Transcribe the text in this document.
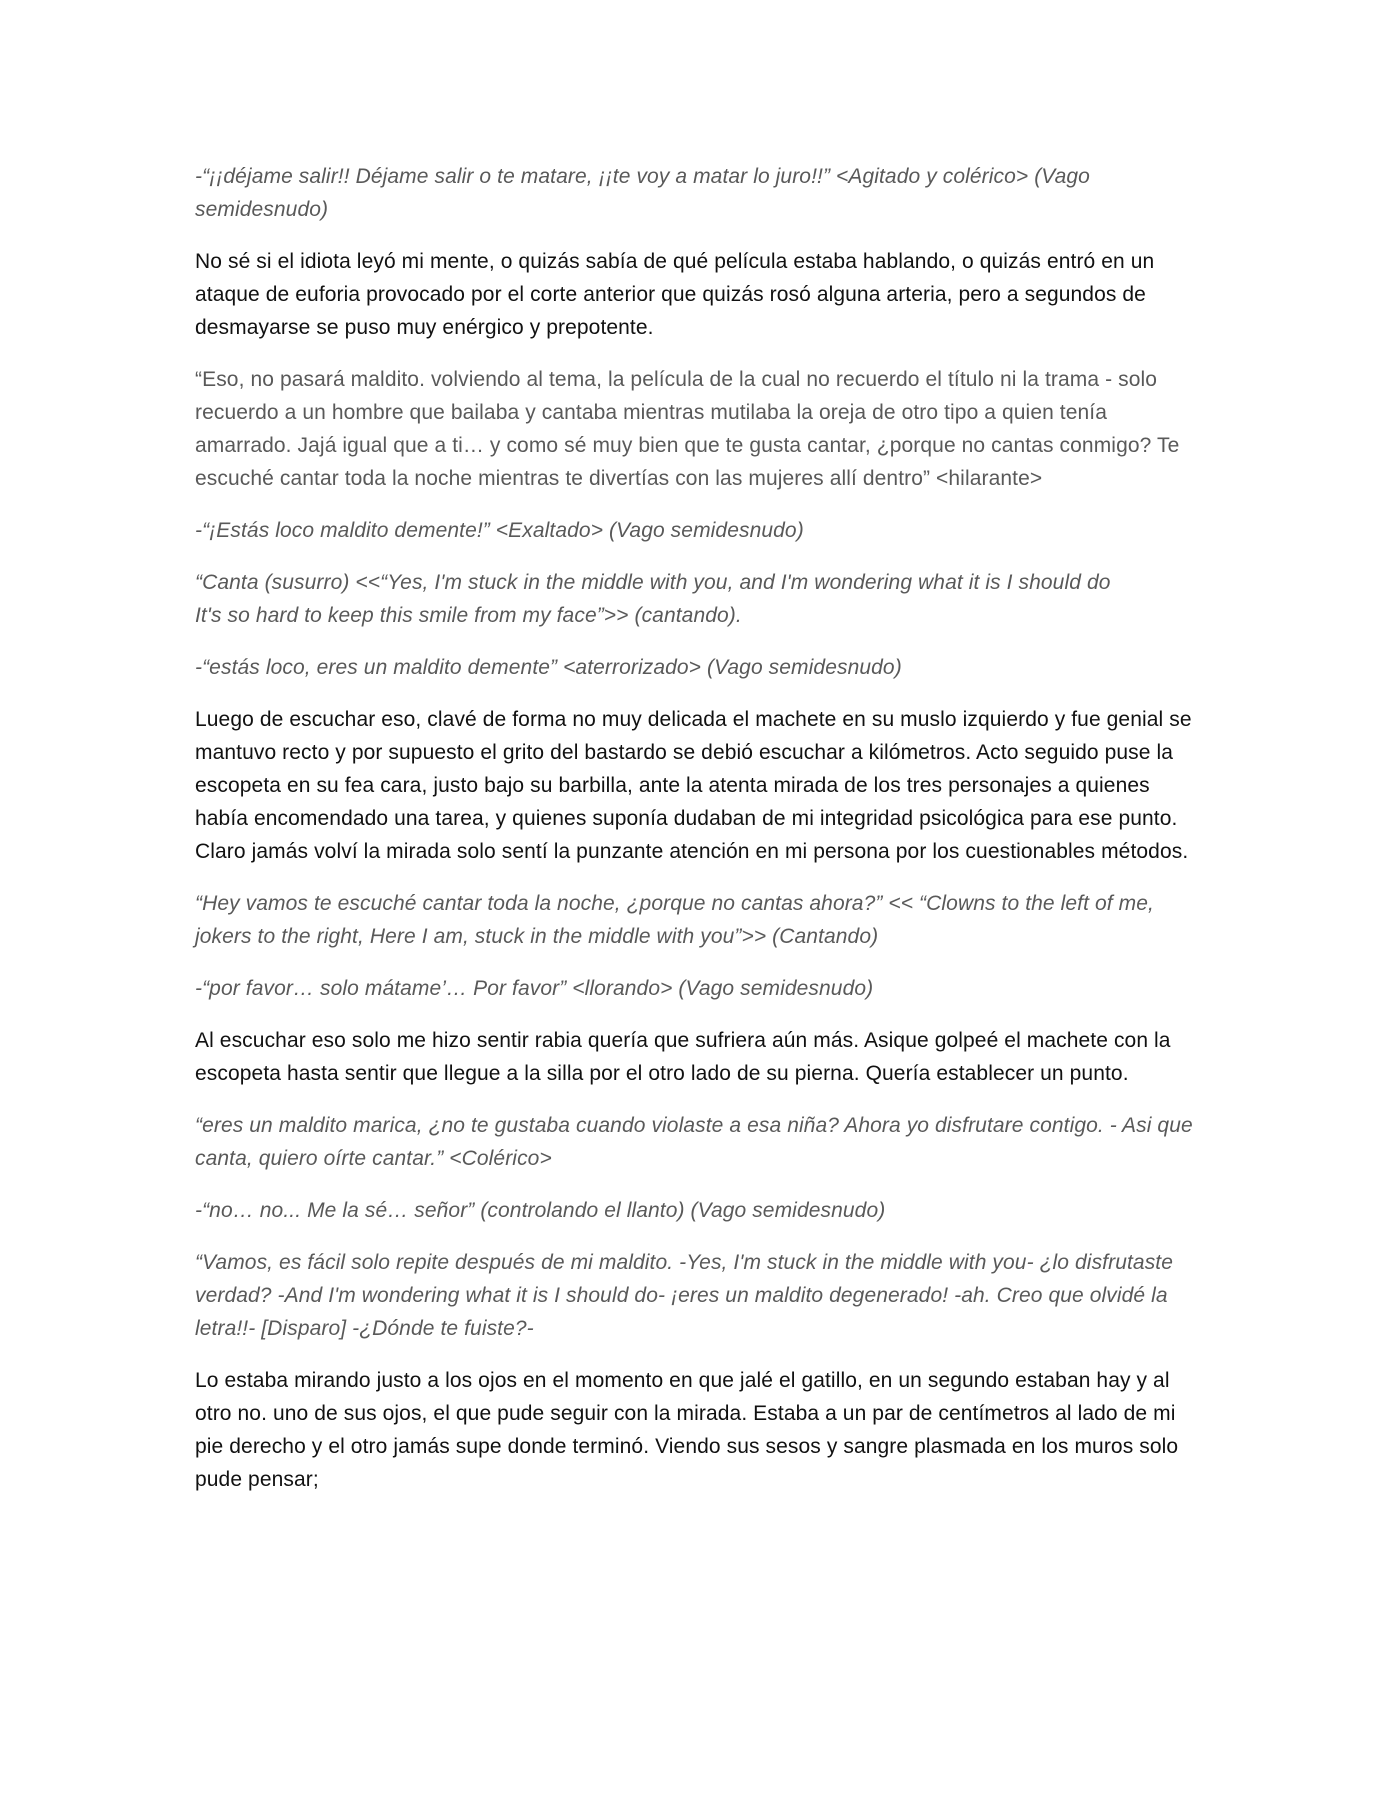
-“¡¡déjame salir!! Déjame salir o te matare, ¡¡te voy a matar lo juro!!” <Agitado y colérico> (Vago semidesnudo)

No sé si el idiota leyó mi mente, o quizás sabía de qué película estaba hablando, o quizás entró en un ataque de euforia provocado por el corte anterior que quizás rosó alguna arteria, pero a segundos de desmayarse se puso muy enérgico y prepotente.

“Eso, no pasará maldito. volviendo al tema, la película de la cual no recuerdo el título ni la trama - solo recuerdo a un hombre que bailaba y cantaba mientras mutilaba la oreja de otro tipo a quien tenía amarrado. Jajá igual que a ti… y como sé muy bien que te gusta cantar, ¿porque no cantas conmigo? Te escuché cantar toda la noche mientras te divertías con las mujeres allí dentro” <hilarante>

-“¡Estás loco maldito demente!” <Exaltado> (Vago semidesnudo)

“Canta (susurro) <<“Yes, I'm stuck in the middle with you, and I'm wondering what it is I should do
It's so hard to keep this smile from my face”>> (cantando).

-“estás loco, eres un maldito demente” <aterrorizado> (Vago semidesnudo)

Luego de escuchar eso, clavé de forma no muy delicada el machete en su muslo izquierdo y fue genial se mantuvo recto y por supuesto el grito del bastardo se debió escuchar a kilómetros. Acto seguido puse la escopeta en su fea cara, justo bajo su barbilla, ante la atenta mirada de los tres personajes a quienes había encomendado una tarea, y quienes suponía dudaban de mi integridad psicológica para ese punto. Claro jamás volví la mirada solo sentí la punzante atención en mi persona por los cuestionables métodos.

“Hey vamos te escuché cantar toda la noche, ¿porque no cantas ahora?” << “Clowns to the left of me, jokers to the right, Here I am, stuck in the middle with you”>> (Cantando)

-“por favor… solo mátame’… Por favor” <llorando> (Vago semidesnudo)

Al escuchar eso solo me hizo sentir rabia quería que sufriera aún más. Asique golpeé el machete con la escopeta hasta sentir que llegue a la silla por el otro lado de su pierna. Quería establecer un punto.

“eres un maldito marica, ¿no te gustaba cuando violaste a esa niña? Ahora yo disfrutare contigo. - Asi que canta, quiero oírte cantar.” <Colérico>

-“no… no... Me la sé… señor” (controlando el llanto) (Vago semidesnudo)

“Vamos, es fácil solo repite después de mi maldito. -Yes, I'm stuck in the middle with you- ¿lo disfrutaste verdad? -And I'm wondering what it is I should do- ¡eres un maldito degenerado! -ah. Creo que olvidé la letra!!- [Disparo] -¿Dónde te fuiste?-

Lo estaba mirando justo a los ojos en el momento en que jalé el gatillo, en un segundo estaban hay y al otro no. uno de sus ojos, el que pude seguir con la mirada. Estaba a un par de centímetros al lado de mi pie derecho y el otro jamás supe donde terminó. Viendo sus sesos y sangre plasmada en los muros solo pude pensar;
